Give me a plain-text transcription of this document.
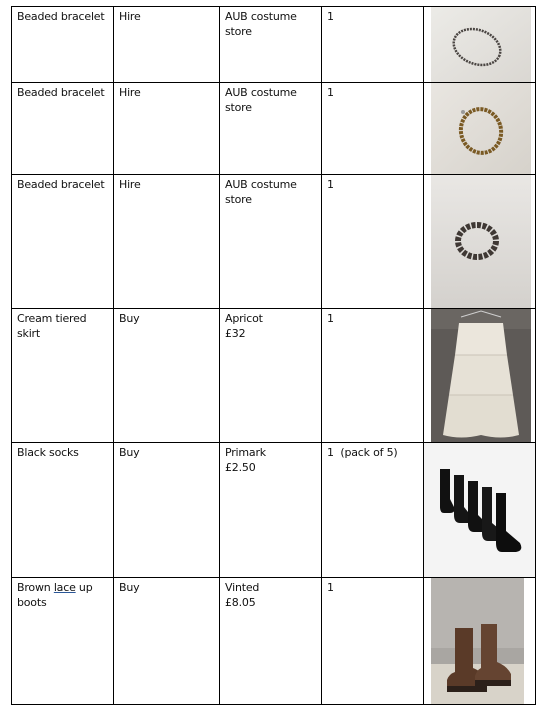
Beaded bracelet	Hire	AUB costume
store	1	

Beaded bracelet	Hire	AUB costume
store	1	

Beaded bracelet	Hire	AUB costume
store	1	

Cream tiered skirt	Buy	Apricot
£32	1	

Black socks	Buy	Primark
£2.50	1  (pack of 5)	

Brown lace up
boots	Buy	Vinted
£8.05	1	
